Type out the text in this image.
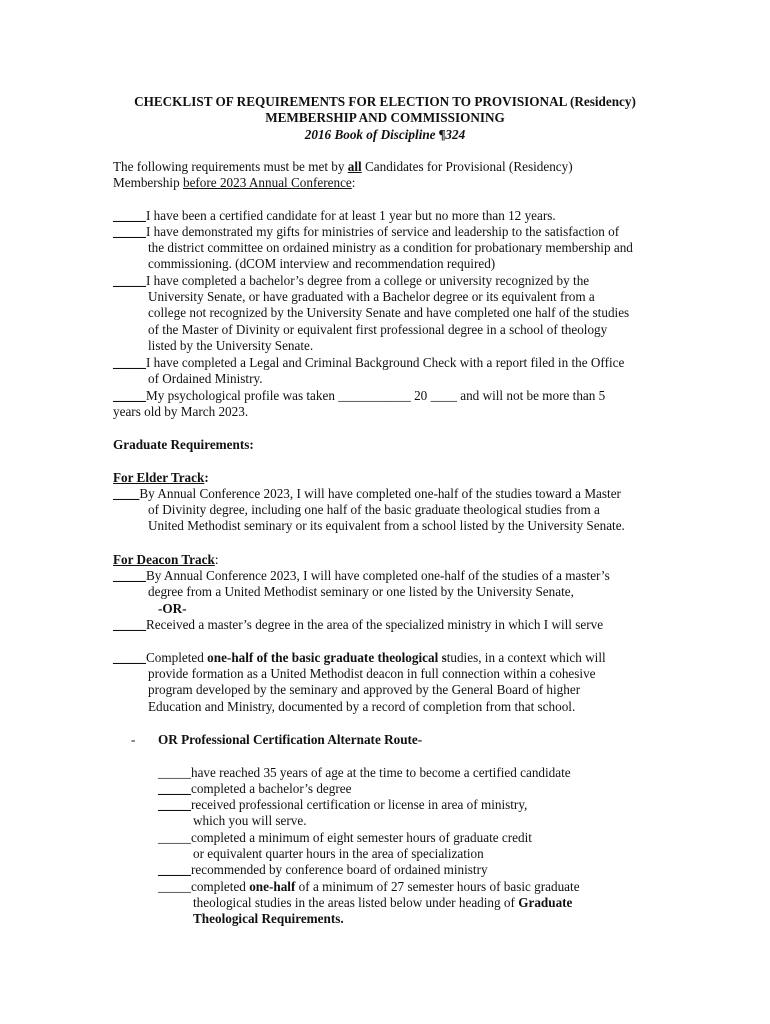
CHECKLIST OF REQUIREMENTS FOR ELECTION TO PROVISIONAL (Residency)
MEMBERSHIP AND COMMISSIONING
2016 Book of Discipline ¶324
The following requirements must be met by all Candidates for Provisional (Residency)
Membership before 2023 Annual Conference:
_____I have been a certified candidate for at least 1 year but no more than 12 years.
_____I have demonstrated my gifts for ministries of service and leadership to the satisfaction of
the district committee on ordained ministry as a condition for probationary membership and
commissioning. (dCOM interview and recommendation required)
_____I have completed a bachelor’s degree from a college or university recognized by the
University Senate, or have graduated with a Bachelor degree or its equivalent from a
college not recognized by the University Senate and have completed one half of the studies
of the Master of Divinity or equivalent first professional degree in a school of theology
listed by the University Senate.
_____I have completed a Legal and Criminal Background Check with a report filed in the Office
of Ordained Ministry.
_____My psychological profile was taken ___________ 20 ____ and will not be more than 5
years old by March 2023.
Graduate Requirements:
For Elder Track:
____By Annual Conference 2023, I will have completed one-half of the studies toward a Master
of Divinity degree, including one half of the basic graduate theological studies from a
United Methodist seminary or its equivalent from a school listed by the University Senate.
For Deacon Track:
_____By Annual Conference 2023, I will have completed one-half of the studies of a master’s
degree from a United Methodist seminary or one listed by the University Senate,
-OR-
_____Received a master’s degree in the area of the specialized ministry in which I will serve
_____Completed one-half of the basic graduate theological studies, in a context which will
provide formation as a United Methodist deacon in full connection within a cohesive
program developed by the seminary and approved by the General Board of higher
Education and Ministry, documented by a record of completion from that school.
- OR Professional Certification Alternate Route-
_____have reached 35 years of age at the time to become a certified candidate
_____completed a bachelor’s degree
_____received professional certification or license in area of ministry,
which you will serve.
_____completed a minimum of eight semester hours of graduate credit
or equivalent quarter hours in the area of specialization
_____recommended by conference board of ordained ministry
_____completed one-half of a minimum of 27 semester hours of basic graduate
theological studies in the areas listed below under heading of Graduate
Theological Requirements.
